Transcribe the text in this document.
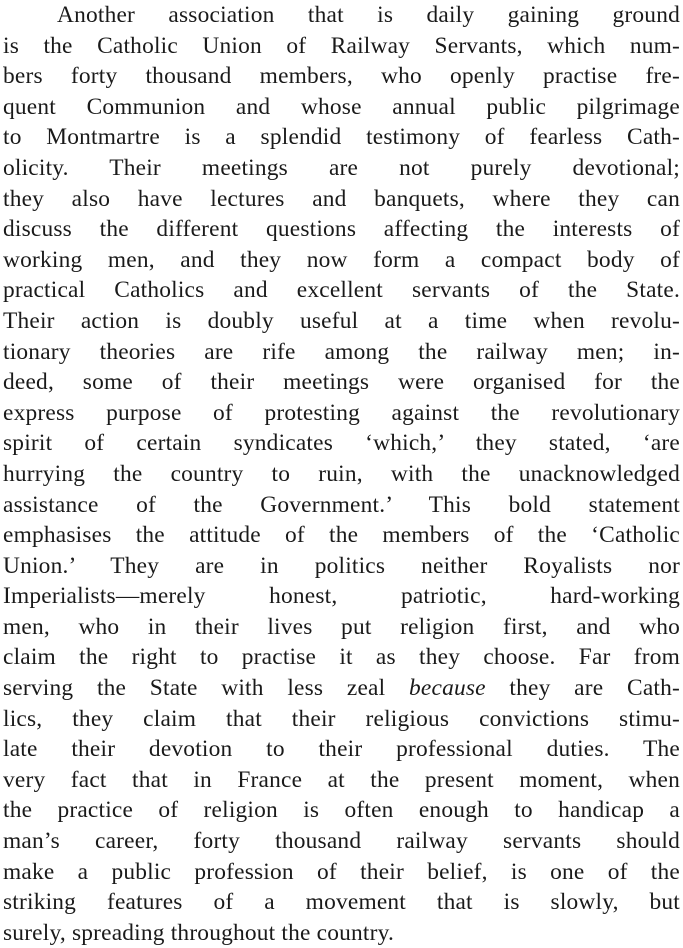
Another association that is daily gaining ground
is the Catholic Union of Railway Servants, which num-
bers forty thousand members, who openly practise fre-
quent Communion and whose annual public pilgrimage
to Montmartre is a splendid testimony of fearless Cath-
olicity. Their meetings are not purely devotional;
they also have lectures and banquets, where they can
discuss the different questions affecting the interests of
working men, and they now form a compact body of
practical Catholics and excellent servants of the State.
Their action is doubly useful at a time when revolu-
tionary theories are rife among the railway men; in-
deed, some of their meetings were organised for the
express purpose of protesting against the revolutionary
spirit of certain syndicates ‘which,’ they stated, ‘are
hurrying the country to ruin, with the unacknowledged
assistance of the Government.’ This bold statement
emphasises the attitude of the members of the ‘Catholic
Union.’ They are in politics neither Royalists nor
Imperialists—merely honest, patriotic, hard-working
men, who in their lives put religion first, and who
claim the right to practise it as they choose. Far from
serving the State with less zeal because they are Cath-
lics, they claim that their religious convictions stimu-
late their devotion to their professional duties. The
very fact that in France at the present moment, when
the practice of religion is often enough to handicap a
man’s career, forty thousand railway servants should
make a public profession of their belief, is one of the
striking features of a movement that is slowly, but
surely, spreading throughout the country.
